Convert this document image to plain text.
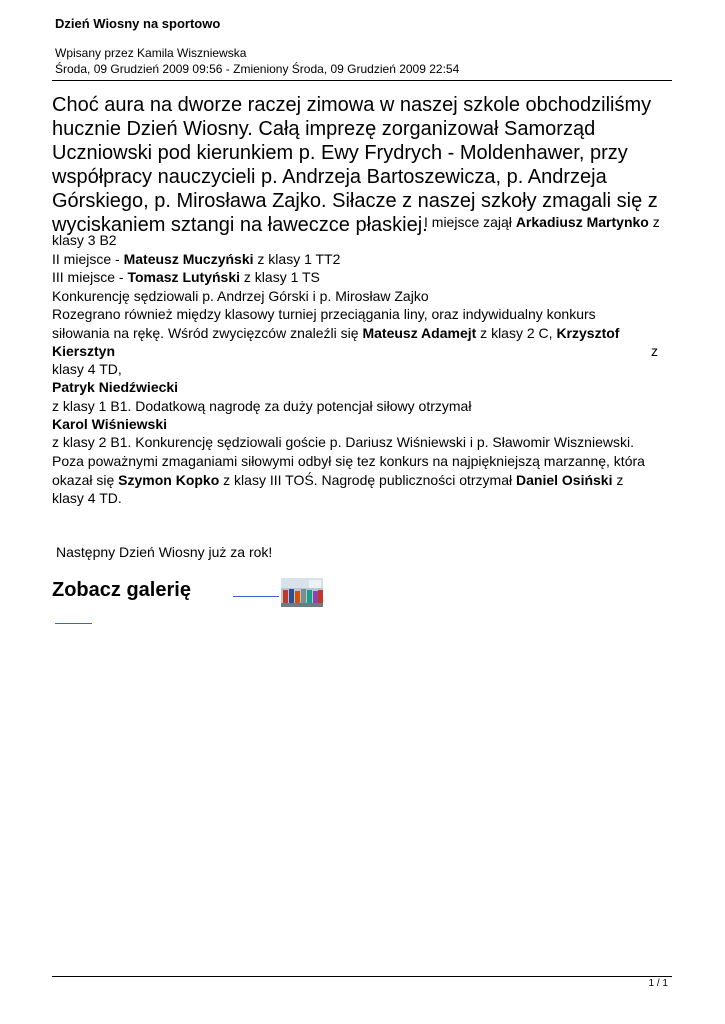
Dzień Wiosny na sportowo
Wpisany przez Kamila Wiszniewska
Środa, 09 Grudzień 2009 09:56 - Zmieniony Środa, 09 Grudzień 2009 22:54
Choć aura na dworze raczej zimowa w naszej szkole obchodziliśmy
hucznie Dzień Wiosny. Całą imprezę zorganizował Samorząd
Uczniowski pod kierunkiem p. Ewy Frydrych - Moldenhawer, przy
współpracy nauczycieli p. Andrzeja Bartoszewicza, p. Andrzeja
Górskiego, p. Mirosława Zajko. Siłacze z naszej szkoły zmagali się z
wyciskaniem sztangi na ławeczce płaskiej.
I miejsce zajął Arkadiusz Martynko z
klasy 3 B2
II miejsce - Mateusz Muczyński z klasy 1 TT2
III miejsce - Tomasz Lutyński z klasy 1 TS
Konkurencję sędziowali p. Andrzej Górski i p. Mirosław Zajko
Rozegrano również między klasowy turniej przeciągania liny, oraz indywidualny konkurs
siłowania na rękę. Wśród zwycięzców znaleźli się Mateusz Adamejt z klasy 2 C, Krzysztof
Kiersztyn	z
klasy 4 TD,
Patryk Niedźwiecki
z klasy 1 B1. Dodatkową nagrodę za duży potencjał siłowy otrzymał
Karol Wiśniewski
z klasy 2 B1. Konkurencję sędziowali goście p. Dariusz Wiśniewski i p. Sławomir Wiszniewski.
Poza poważnymi zmaganiami siłowymi odbył się tez konkurs na najpiękniejszą marzannę, która
okazał się Szymon Kopko z klasy III TOŚ. Nagrodę publiczności otrzymał Daniel Osiński z
klasy 4 TD.
Następny Dzień Wiosny już za rok!
Zobacz galerię
1 / 1
